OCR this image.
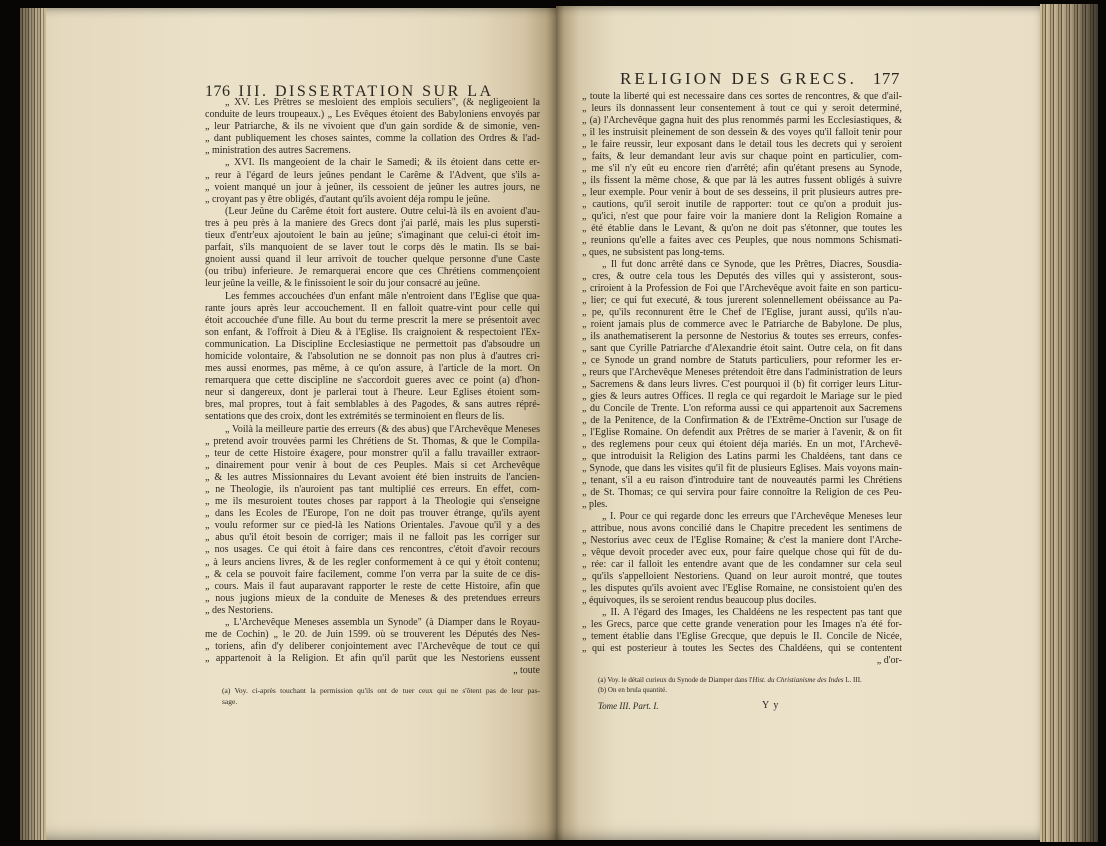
176 III. DISSERTATION SUR LA
„ XV. Les Prêtres se mesloient des emplois seculiers", (& negligeoient la
conduite de leurs troupeaux.) „ Les Evêques étoient des Babyloniens envoyés par
„ leur Patriarche, & ils ne vivoient que d'un gain sordide & de simonie, ven-
„ dant publiquement les choses saintes, comme la collation des Ordres & l'ad-
„ ministration des autres Sacremens.
„ XVI. Ils mangeoient de la chair le Samedi; & ils étoient dans cette er-
„ reur à l'égard de leurs jeûnes pendant le Carême & l'Advent, que s'ils a-
„ voient manqué un jour à jeûner, ils cessoient de jeûner les autres jours, ne
„ croyant pas y être obligés, d'autant qu'ils avoient déja rompu le jeûne.
(Leur Jeûne du Carême étoit fort austere. Outre celui-là ils en avoient d'au-
tres à peu près à la maniere des Grecs dont j'ai parlé, mais les plus supersti-
tieux d'entr'eux ajoutoient le bain au jeûne; s'imaginant que celui-ci étoit im-
parfait, s'ils manquoient de se laver tout le corps dès le matin. Ils se bai-
gnoient aussi quand il leur arrivoit de toucher quelque personne d'une Caste
(ou tribu) inferieure. Je remarquerai encore que ces Chrétiens commençoient
leur jeûne la veille, & le finissoient le soir du jour consacré au jeûne.
Les femmes accouchées d'un enfant mâle n'entroient dans l'Eglise que qua-
rante jours après leur accouchement. Il en falloit quatre-vint pour celle qui
étoit accouchée d'une fille. Au bout du terme prescrit la mere se présentoit avec
son enfant, & l'offroit à Dieu & à l'Eglise. Ils craignoient & respectoient l'Ex-
communication. La Discipline Ecclesiastique ne permettoit pas d'absoudre un
homicide volontaire, & l'absolution ne se donnoit pas non plus à d'autres cri-
mes aussi enormes, pas même, à ce qu'on assure, à l'article de la mort. On
remarquera que cette discipline ne s'accordoit gueres avec ce point (a) d'hon-
neur si dangereux, dont je parlerai tout à l'heure. Leur Eglises étoient som-
bres, mal propres, tout à fait semblables à des Pagodes, & sans autres répré-
sentations que des croix, dont les extrémités se terminoient en fleurs de lis.
„ Voilà la meilleure partie des erreurs (& des abus) que l'Archevêque Meneses
„ pretend avoir trouvées parmi les Chrétiens de St. Thomas, & que le Compila-
„ teur de cette Histoire éxagere, pour monstrer qu'il a fallu travailler extraor-
„ dinairement pour venir à bout de ces Peuples. Mais si cet Archevêque
„ & les autres Missionnaires du Levant avoient été bien instruits de l'ancien-
„ ne Theologie, ils n'auroient pas tant multiplié ces erreurs. En effet, com-
„ me ils mesuroient toutes choses par rapport à la Theologie qui s'enseigne
„ dans les Ecoles de l'Europe, l'on ne doit pas trouver étrange, qu'ils ayent
„ voulu reformer sur ce pied-là les Nations Orientales. J'avoue qu'il y a des
„ abus qu'il étoit besoin de corriger; mais il ne falloit pas les corriger sur
„ nos usages. Ce qui étoit à faire dans ces rencontres, c'étoit d'avoir recours
„ à leurs anciens livres, & de les regler conformement à ce qui y étoit contenu;
„ & cela se pouvoit faire facilement, comme l'on verra par la suite de ce dis-
„ cours. Mais il faut auparavant rapporter le reste de cette Histoire, afin que
„ nous jugions mieux de la conduite de Meneses & des pretendues erreurs
„ des Nestoriens.
„ L'Archevêque Meneses assembla un Synode" (à Diamper dans le Royau-
me de Cochin) „ le 20. de Juin 1599. où se trouverent les Députés des Nes-
„ toriens, afin d'y deliberer conjointement avec l'Archevêque de tout ce qui
„ appartenoit à la Religion. Et afin qu'il parût que les Nestoriens eussent
„ toute
(a) Voy. ci-après touchant la permission qu'ils ont de tuer ceux qui ne s'ôtent pas de leur pas-
sage.
RELIGION DES GRECS. 177
„ toute la liberté qui est necessaire dans ces sortes de rencontres, & que d'ail-
„ leurs ils donnassent leur consentement à tout ce qui y seroit determiné,
„ (a) l'Archevêque gagna huit des plus renommés parmi les Ecclesiastiques, &
„ il les instruisit pleinement de son dessein & des voyes qu'il falloit tenir pour
„ le faire reussir, leur exposant dans le detail tous les decrets qui y seroient
„ faits, & leur demandant leur avis sur chaque point en particulier, com-
„ me s'il n'y eût eu encore rien d'arrêté; afin qu'étant presens au Synode,
„ ils fissent la même chose, & que par là les autres fussent obligés à suivre
„ leur exemple. Pour venir à bout de ses desseins, il prit plusieurs autres pre-
„ cautions, qu'il seroit inutile de rapporter: tout ce qu'on a produit jus-
„ qu'ici, n'est que pour faire voir la maniere dont la Religion Romaine a
„ été établie dans le Levant, & qu'on ne doit pas s'étonner, que toutes les
„ reunions qu'elle a faites avec ces Peuples, que nous nommons Schismati-
„ ques, ne subsistent pas long-tems.
„ Il fut donc arrêté dans ce Synode, que les Prêtres, Diacres, Sousdia-
„ cres, & outre cela tous les Deputés des villes qui y assisteront, sous-
„ criroient à la Profession de Foi que l'Archevêque avoit faite en son particu-
„ lier; ce qui fut executé, & tous jurerent solennellement obéissance au Pa-
„ pe, qu'ils reconnurent être le Chef de l'Eglise, jurant aussi, qu'ils n'au-
„ roient jamais plus de commerce avec le Patriarche de Babylone. De plus,
„ ils anathematiserent la personne de Nestorius & toutes ses erreurs, confes-
„ sant que Cyrille Patriarche d'Alexandrie étoit saint. Outre cela, on fit dans
„ ce Synode un grand nombre de Statuts particuliers, pour reformer les er-
„ reurs que l'Archevêque Meneses prétendoit être dans l'administration de leurs
„ Sacremens & dans leurs livres. C'est pourquoi il (b) fit corriger leurs Litur-
„ gies & leurs autres Offices. Il regla ce qui regardoit le Mariage sur le pied
„ du Concile de Trente. L'on reforma aussi ce qui appartenoit aux Sacremens
„ de la Penitence, de la Confirmation & de l'Extrême-Onction sur l'usage de
„ l'Eglise Romaine. On defendit aux Prêtres de se marier à l'avenir, & on fit
„ des reglemens pour ceux qui étoient déja mariés. En un mot, l'Archevê-
„ que introduisit la Religion des Latins parmi les Chaldéens, tant dans ce
„ Synode, que dans les visites qu'il fit de plusieurs Eglises. Mais voyons main-
„ tenant, s'il a eu raison d'introduire tant de nouveautés parmi les Chrétiens
„ de St. Thomas; ce qui servira pour faire connoître la Religion de ces Peu-
„ ples.
„ I. Pour ce qui regarde donc les erreurs que l'Archevêque Meneses leur
„ attribue, nous avons concilié dans le Chapitre precedent les sentimens de
„ Nestorius avec ceux de l'Eglise Romaine; & c'est la maniere dont l'Arche-
„ vêque devoit proceder avec eux, pour faire quelque chose qui fût de du-
„ rée: car il falloit les entendre avant que de les condamner sur cela seul
„ qu'ils s'appelloient Nestoriens. Quand on leur auroit montré, que toutes
„ les disputes qu'ils avoient avec l'Eglise Romaine, ne consistoient qu'en des
„ équivoques, ils se seroient rendus beaucoup plus dociles.
„ II. A l'égard des Images, les Chaldéens ne les respectent pas tant que
„ les Grecs, parce que cette grande veneration pour les Images n'a été for-
„ tement établie dans l'Eglise Grecque, que depuis le II. Concile de Nicée,
„ qui est posterieur à toutes les Sectes des Chaldéens, qui se contentent
„ d'or-
(a) Voy. le détail curieux du Synode de Diamper dans l'Hist. du Christianisme des Indes L. III.
(b) On en brula quantité.
Tome III. Part. I.	Y y
